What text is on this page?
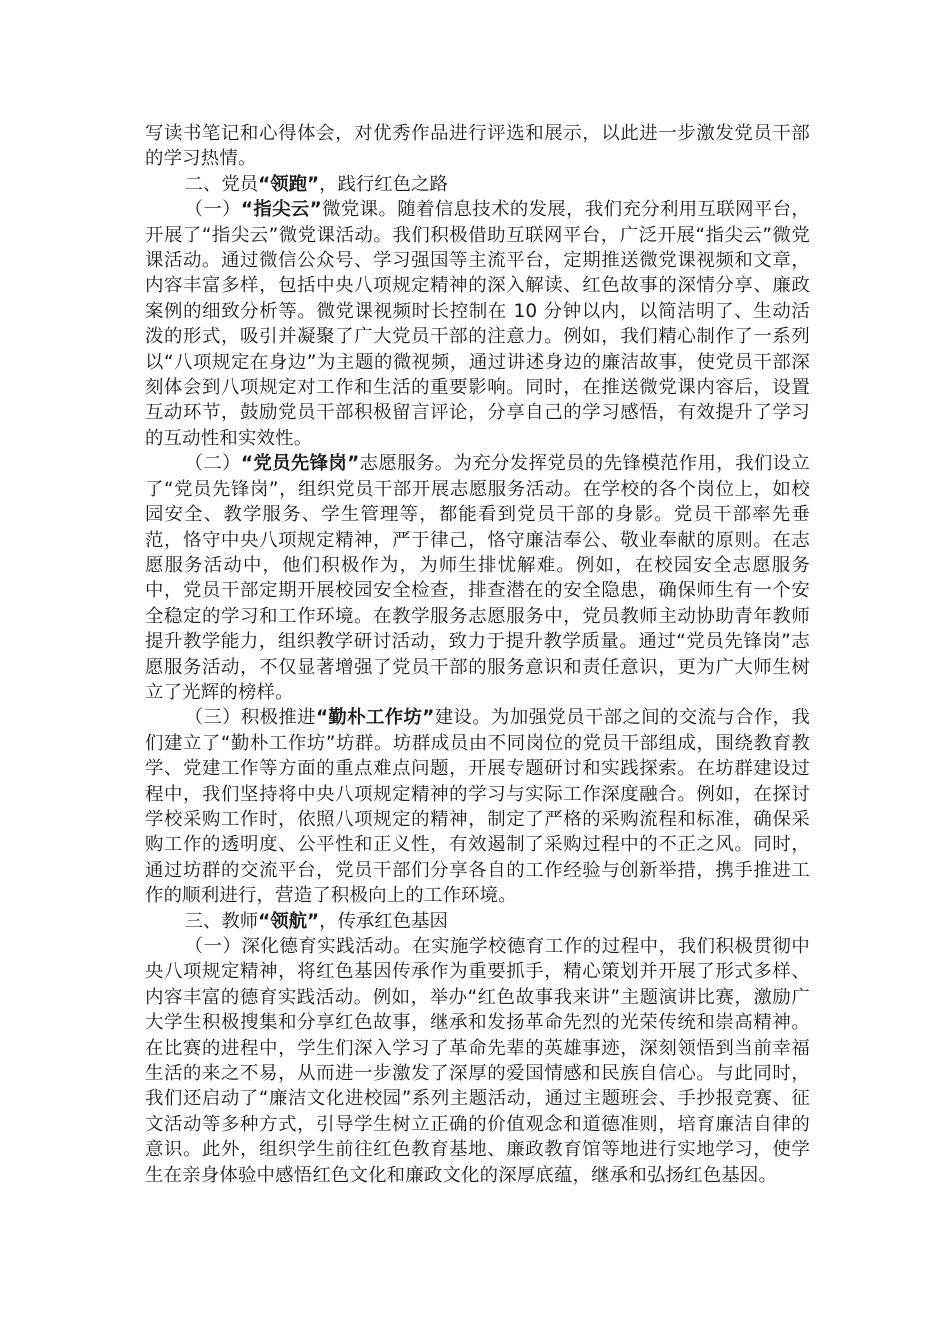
写读书笔记和心得体会，对优秀作品进行评选和展示，以此进一步激发党员干部的学习热情。

二、党员“领跑”，践行红色之路

（一）“指尖云”微党课。随着信息技术的发展，我们充分利用互联网平台，开展了“指尖云”微党课活动。我们积极借助互联网平台，广泛开展“指尖云”微党课活动。通过微信公众号、学习强国等主流平台，定期推送微党课视频和文章，内容丰富多样，包括中央八项规定精神的深入解读、红色故事的深情分享、廉政案例的细致分析等。微党课视频时长控制在 10 分钟以内，以简洁明了、生动活泼的形式，吸引并凝聚了广大党员干部的注意力。例如，我们精心制作了一系列以“八项规定在身边”为主题的微视频，通过讲述身边的廉洁故事，使党员干部深刻体会到八项规定对工作和生活的重要影响。同时，在推送微党课内容后，设置互动环节，鼓励党员干部积极留言评论，分享自己的学习感悟，有效提升了学习的互动性和实效性。

（二）“党员先锋岗”志愿服务。为充分发挥党员的先锋模范作用，我们设立了“党员先锋岗”，组织党员干部开展志愿服务活动。在学校的各个岗位上，如校园安全、教学服务、学生管理等，都能看到党员干部的身影。党员干部率先垂范，恪守中央八项规定精神，严于律己，恪守廉洁奉公、敬业奉献的原则。在志愿服务活动中，他们积极作为，为师生排忧解难。例如，在校园安全志愿服务中，党员干部定期开展校园安全检查，排查潜在的安全隐患，确保师生有一个安全稳定的学习和工作环境。在教学服务志愿服务中，党员教师主动协助青年教师提升教学能力，组织教学研讨活动，致力于提升教学质量。通过“党员先锋岗”志愿服务活动，不仅显著增强了党员干部的服务意识和责任意识，更为广大师生树立了光辉的榜样。

（三）积极推进“勤朴工作坊”建设。为加强党员干部之间的交流与合作，我们建立了“勤朴工作坊”坊群。坊群成员由不同岗位的党员干部组成，围绕教育教学、党建工作等方面的重点难点问题，开展专题研讨和实践探索。在坊群建设过程中，我们坚持将中央八项规定精神的学习与实际工作深度融合。例如，在探讨学校采购工作时，依照八项规定的精神，制定了严格的采购流程和标准，确保采购工作的透明度、公平性和正义性，有效遏制了采购过程中的不正之风。同时，通过坊群的交流平台，党员干部们分享各自的工作经验与创新举措，携手推进工作的顺利进行，营造了积极向上的工作环境。

三、教师“领航”，传承红色基因

（一）深化德育实践活动。在实施学校德育工作的过程中，我们积极贯彻中央八项规定精神，将红色基因传承作为重要抓手，精心策划并开展了形式多样、内容丰富的德育实践活动。例如，举办“红色故事我来讲”主题演讲比赛，激励广大学生积极搜集和分享红色故事，继承和发扬革命先烈的光荣传统和崇高精神。在比赛的进程中，学生们深入学习了革命先辈的英雄事迹，深刻领悟到当前幸福生活的来之不易，从而进一步激发了深厚的爱国情感和民族自信心。与此同时，我们还启动了“廉洁文化进校园”系列主题活动，通过主题班会、手抄报竞赛、征文活动等多种方式，引导学生树立正确的价值观念和道德准则，培育廉洁自律的意识。此外，组织学生前往红色教育基地、廉政教育馆等地进行实地学习，使学生在亲身体验中感悟红色文化和廉政文化的深厚底蕴，继承和弘扬红色基因。
